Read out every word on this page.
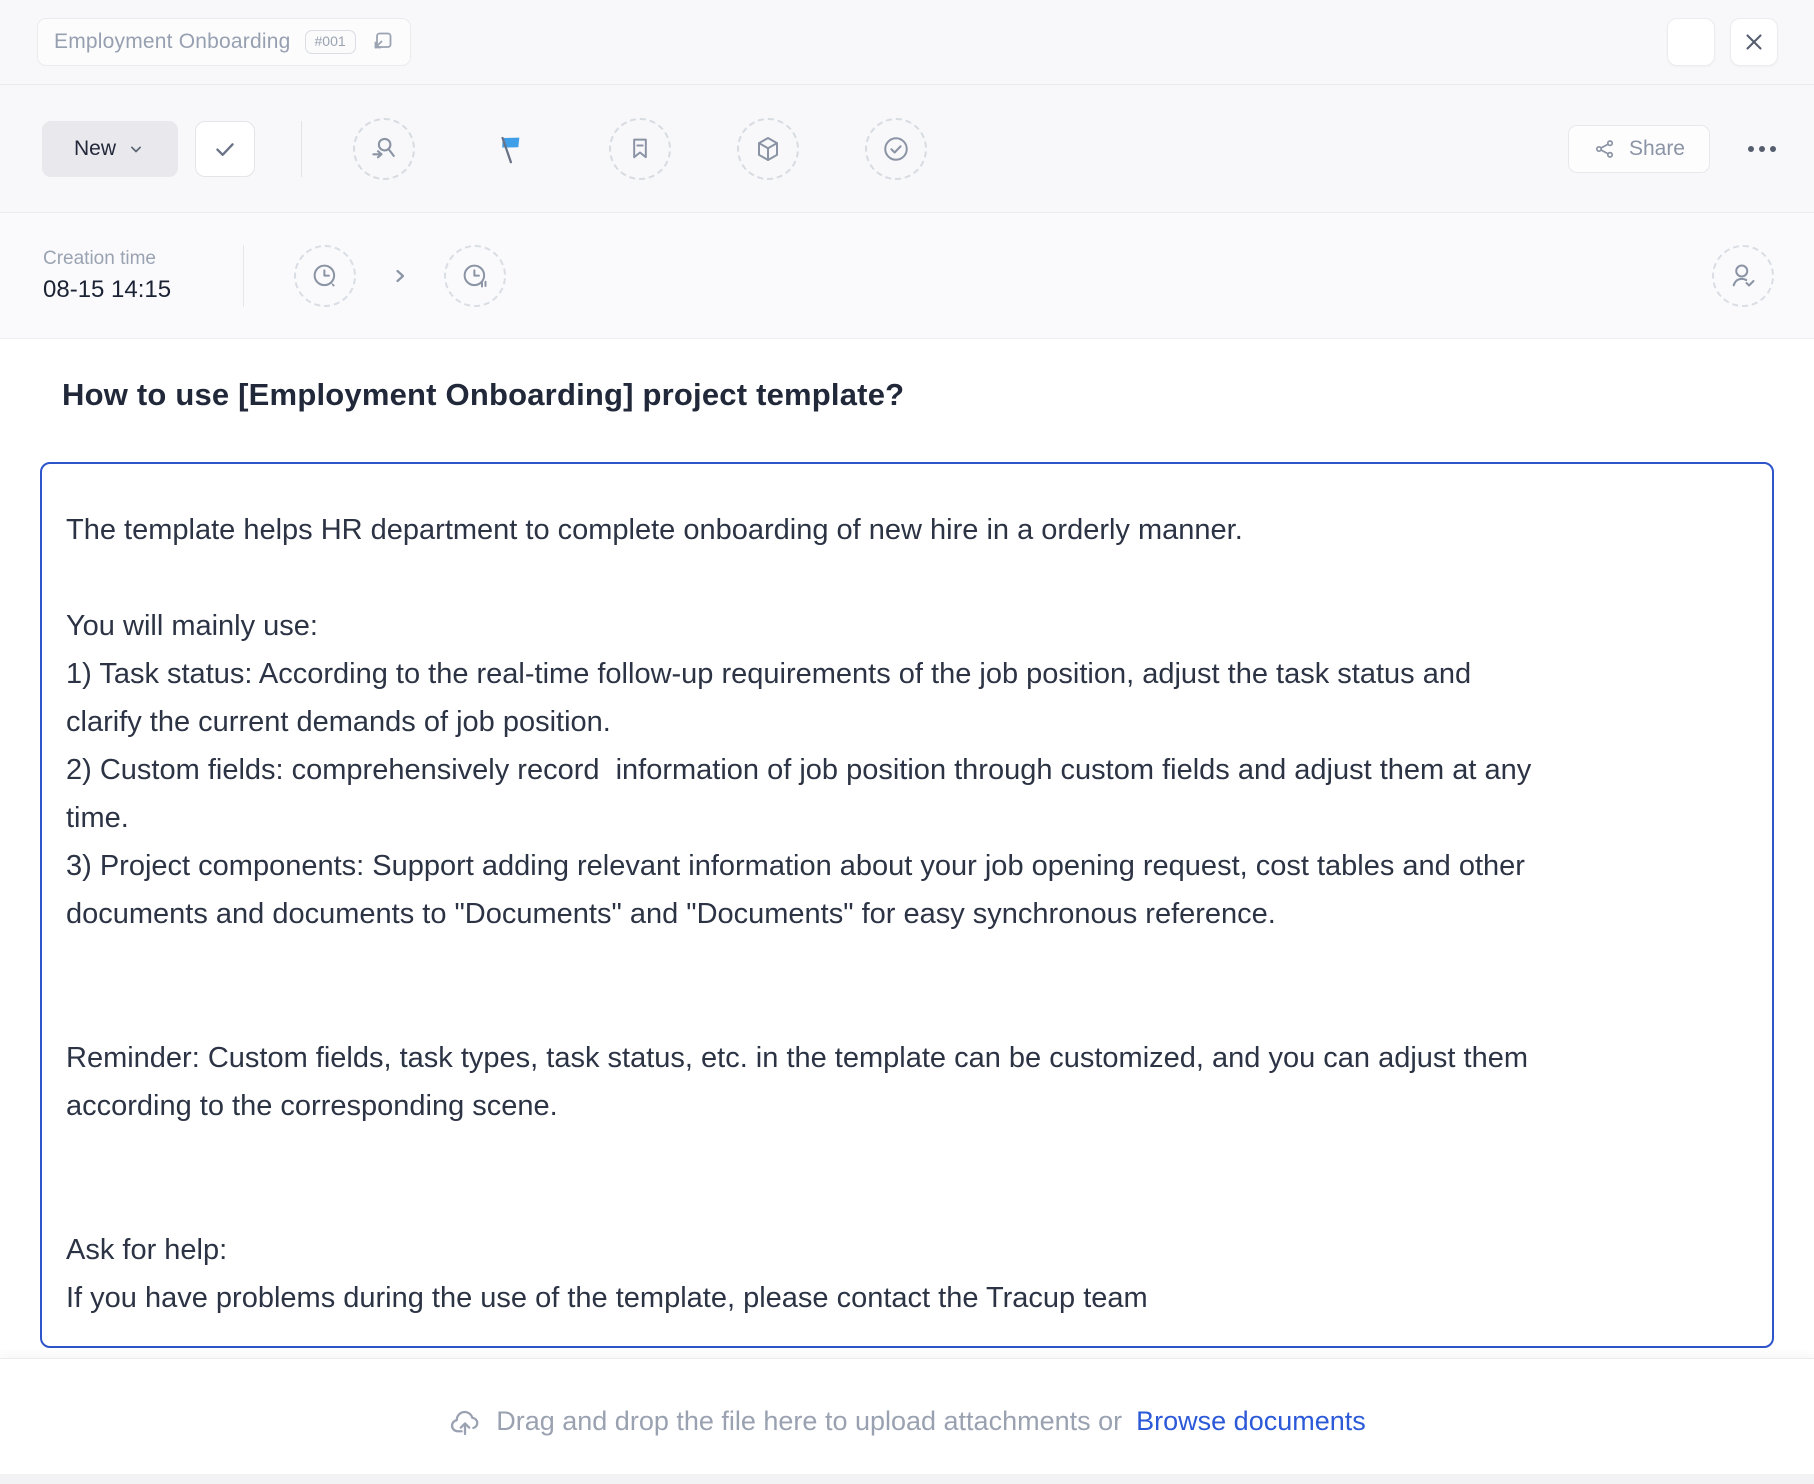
Employment Onboarding	#001
New	Share
Creation time
08-15 14:15
How to use [Employment Onboarding] project template?
The template helps HR department to complete onboarding of new hire in a orderly manner.
You will mainly use:
1) Task status: According to the real-time follow-up requirements of the job position, adjust the task status and
clarify the current demands of job position.
2) Custom fields: comprehensively record  information of job position through custom fields and adjust them at any
time.
3) Project components: Support adding relevant information about your job opening request, cost tables and other
documents and documents to "Documents" and "Documents" for easy synchronous reference.
Reminder: Custom fields, task types, task status, etc. in the template can be customized, and you can adjust them
according to the corresponding scene.
Ask for help:
If you have problems during the use of the template, please contact the Tracup team
Drag and drop the file here to upload attachments or Browse documents
